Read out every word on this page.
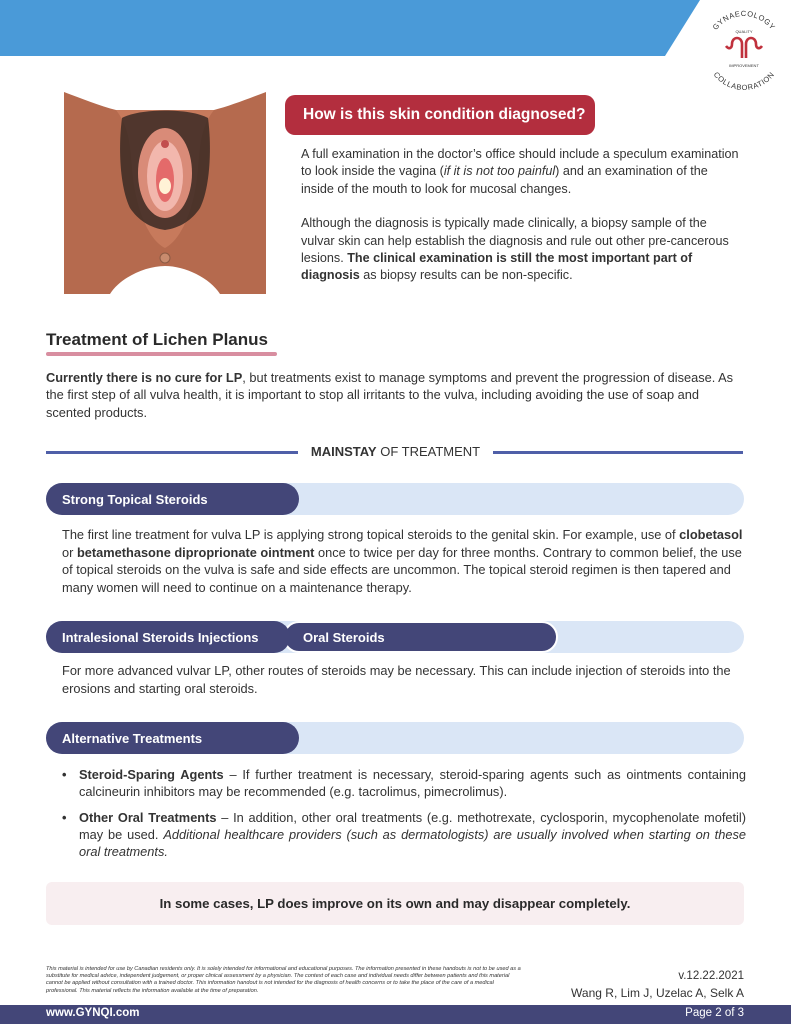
GYNAECOLOGY
COLLABORATION
QUALITY
IMPROVEMENT
How is this skin condition diagnosed?

A full examination in the doctor’s office should include a speculum examination to look inside the vagina (if it is not too painful) and an examination of the inside of the mouth to look for mucosal changes.

Although the diagnosis is typically made clinically, a biopsy sample of the vulvar skin can help establish the diagnosis and rule out other pre-cancerous lesions. The clinical examination is still the most important part of diagnosis as biopsy results can be non-specific.

Treatment of Lichen Planus
Currently there is no cure for LP, but treatments exist to manage symptoms and prevent the progression of disease. As the first step of all vulva health, it is important to stop all irritants to the vulva, including avoiding the use of soap and scented products.
MAINSTAY OF TREATMENT
Strong Topical Steroids
The first line treatment for vulva LP is applying strong topical steroids to the genital skin. For example, use of clobetasol or betamethasone diproprionate ointment once to twice per day for three months. Contrary to common belief, the use of topical steroids on the vulva is safe and side effects are uncommon. The topical steroid regimen is then tapered and many women will need to continue on a maintenance therapy.
Oral Steroids
Intralesional Steroids Injections
For more advanced vulvar LP, other routes of steroids may be necessary. This can include injection of steroids into the erosions and starting oral steroids.
Alternative Treatments
• Steroid-Sparing Agents – If further treatment is necessary, steroid-sparing agents such as ointments containing calcineurin inhibitors may be recommended (e.g. tacrolimus, pimecrolimus).
• Other Oral Treatments – In addition, other oral treatments (e.g. methotrexate, cyclosporin, mycophenolate mofetil) may be used. Additional healthcare providers (such as dermatologists) are usually involved when starting on these oral treatments.
In some cases, LP does improve on its own and may disappear completely.
This material is intended for use by Canadian residents only. It is solely intended for informational and educational purposes. The information presented in these handouts is not to be used as a substitute for medical advice, independent judgement, or proper clinical assessment by a physician. The context of each case and individual needs differ between patients and this material cannot be applied without consultation with a trained doctor. This information handout is not intended for the diagnosis of health concerns or to take the place of the care of a medical professional. This material reflects the information available at the time of preparation.
v.12.22.2021
Wang R, Lim J, Uzelac A, Selk A
www.GYNQI.com	Page 2 of 3
